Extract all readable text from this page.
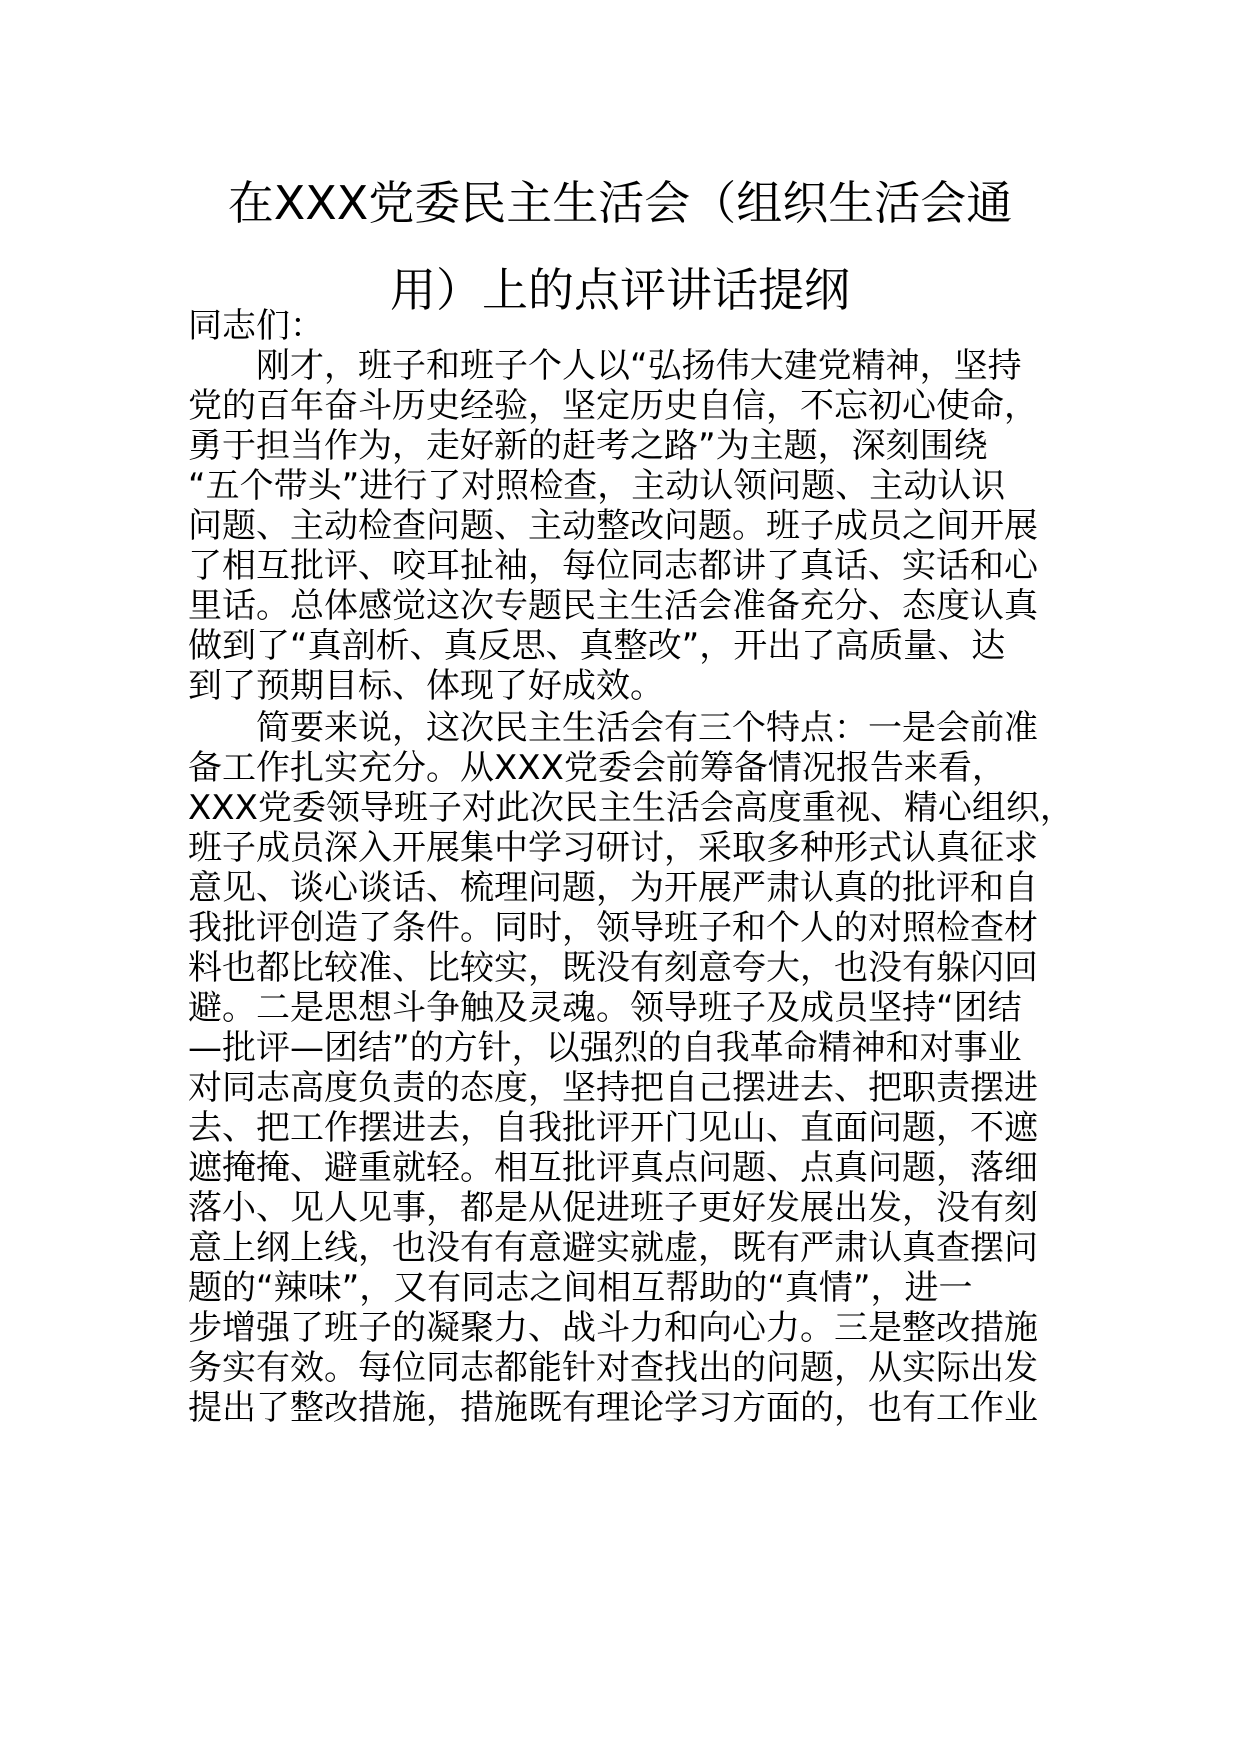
在XXX党委民主生活会（组织生活会通
用）上的点评讲话提纲
同志们：
刚才，班子和班子个人以“弘扬伟大建党精神，坚持
党的百年奋斗历史经验，坚定历史自信，不忘初心使命，
勇于担当作为，走好新的赶考之路”为主题，深刻围绕
“五个带头”进行了对照检查，主动认领问题、主动认识
问题、主动检查问题、主动整改问题。班子成员之间开展
了相互批评、咬耳扯袖，每位同志都讲了真话、实话和心
里话。总体感觉这次专题民主生活会准备充分、态度认真
做到了“真剖析、真反思、真整改”，开出了高质量、达
到了预期目标、体现了好成效。
简要来说，这次民主生活会有三个特点：一是会前准
备工作扎实充分。从XXX党委会前筹备情况报告来看，
XXX党委领导班子对此次民主生活会高度重视、精心组织，
班子成员深入开展集中学习研讨，采取多种形式认真征求
意见、谈心谈话、梳理问题，为开展严肃认真的批评和自
我批评创造了条件。同时，领导班子和个人的对照检查材
料也都比较准、比较实，既没有刻意夸大，也没有躲闪回
避。二是思想斗争触及灵魂。领导班子及成员坚持“团结
—批评—团结”的方针，以强烈的自我革命精神和对事业
对同志高度负责的态度，坚持把自己摆进去、把职责摆进
去、把工作摆进去，自我批评开门见山、直面问题，不遮
遮掩掩、避重就轻。相互批评真点问题、点真问题，落细
落小、见人见事，都是从促进班子更好发展出发，没有刻
意上纲上线，也没有有意避实就虚，既有严肃认真查摆问
题的“辣味”，又有同志之间相互帮助的“真情”，进一
步增强了班子的凝聚力、战斗力和向心力。三是整改措施
务实有效。每位同志都能针对查找出的问题，从实际出发
提出了整改措施，措施既有理论学习方面的，也有工作业
